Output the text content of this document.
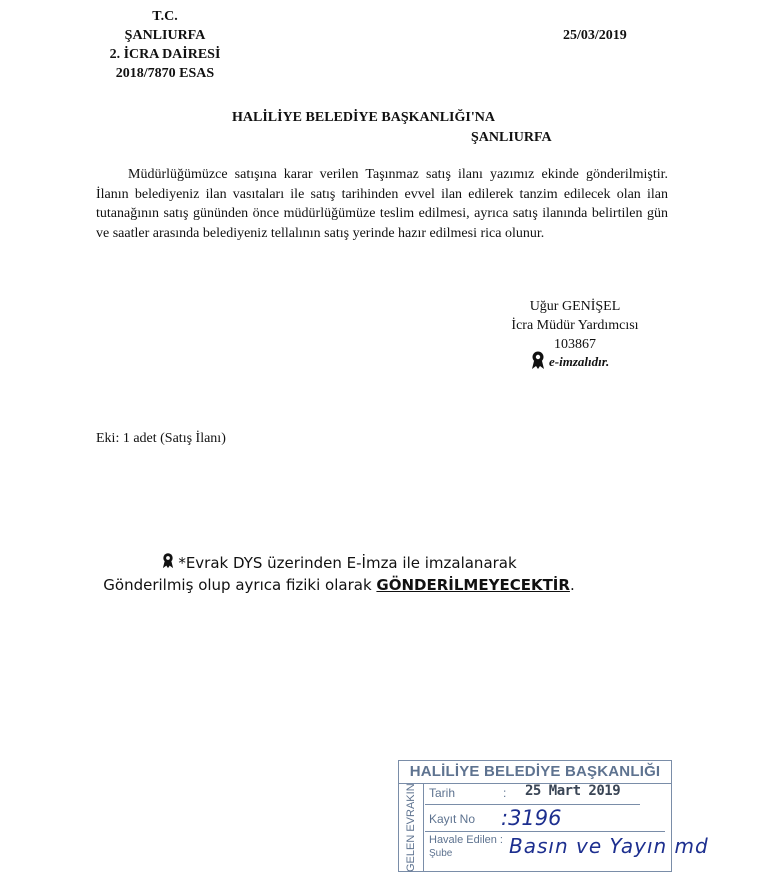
T.C.
ŞANLIURFA
2. İCRA DAİRESİ
2018/7870 ESAS
25/03/2019
HALİLİYE BELEDİYE BAŞKANLIĞI'NA
ŞANLIURFA
Müdürlüğümüzce satışına karar verilen Taşınmaz satış ilanı yazımız ekinde gönderilmiştir. İlanın belediyeniz ilan vasıtaları ile satış tarihinden evvel ilan edilerek tanzim edilecek olan ilan tutanağının satış gününden önce müdürlüğümüze teslim edilmesi, ayrıca satış ilanında belirtilen gün ve saatler arasında belediyeniz tellalının satış yerinde hazır edilmesi rica olunur.
Uğur GENİŞEL
İcra Müdür Yardımcısı
103867
e-imzalıdır.
Eki: 1 adet (Satış İlanı)
*Evrak DYS üzerinden E-İmza ile imzalanarak
Gönderilmiş olup ayrıca fiziki olarak GÖNDERİLMEYECEKTİR.
HALİLİYE BELEDİYE BAŞKANLIĞI
GELEN EVRAKIN Tarih	: 25 Mart 2019
Kayıt No :3196
Havale Edilen :
Şube	Basın ve Yayın md
